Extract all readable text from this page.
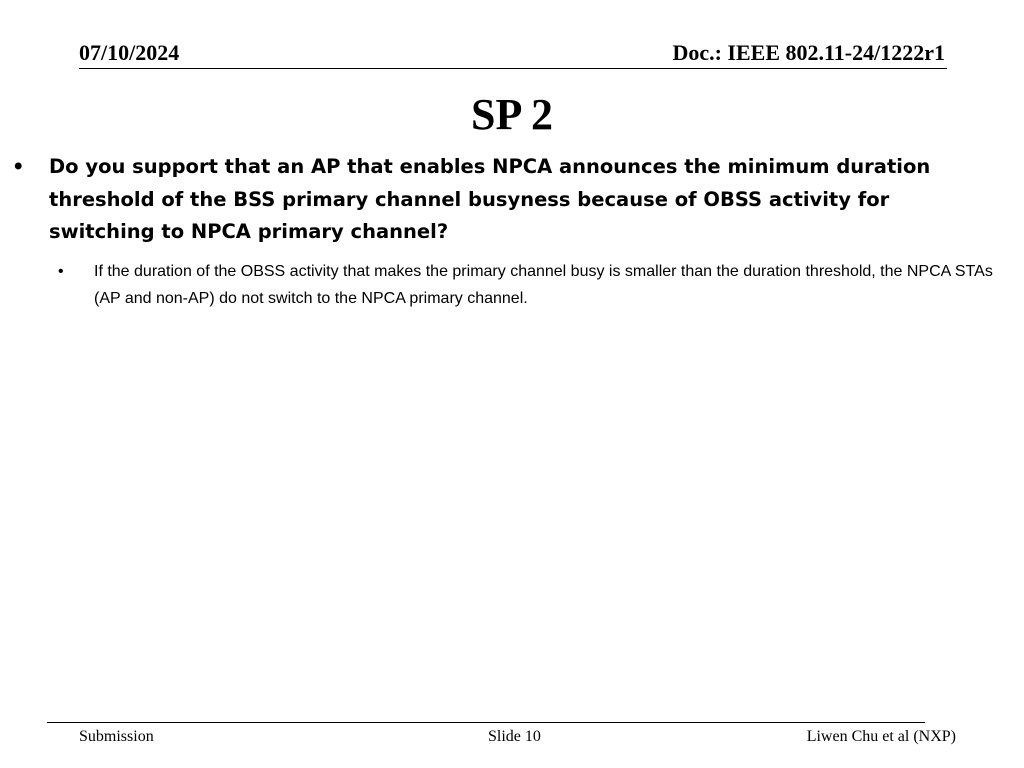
07/10/2024	Doc.: IEEE 802.11-24/1222r1
SP 2
• Do you support that an AP that enables NPCA announces the minimum duration threshold of the BSS primary channel busyness because of OBSS activity for switching to NPCA primary channel?
• If the duration of the OBSS activity that makes the primary channel busy is smaller than the duration threshold, the NPCA STAs (AP and non-AP) do not switch to the NPCA primary channel.
Submission	Slide 10	Liwen Chu et al (NXP)
